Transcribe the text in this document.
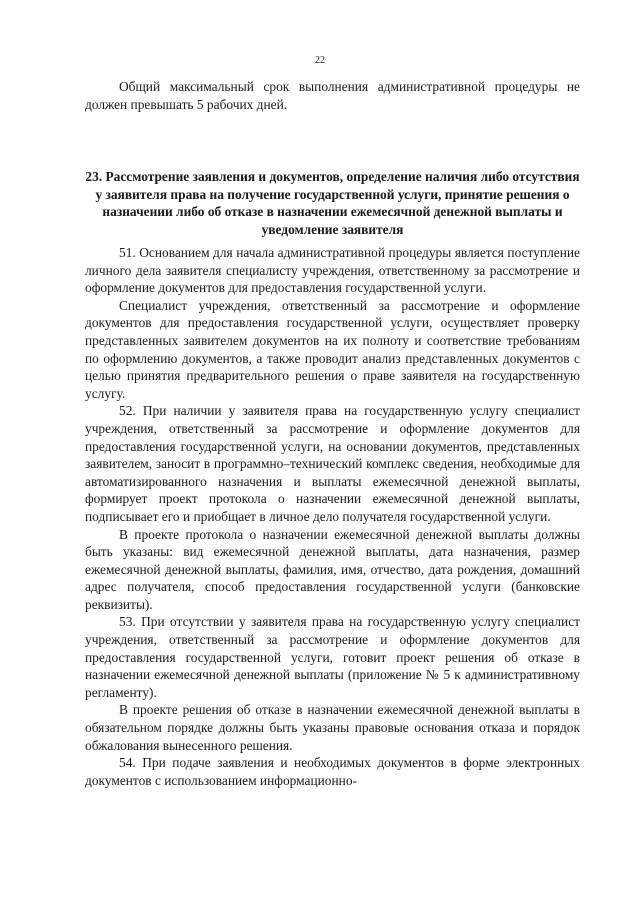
22

Общий максимальный срок выполнения административной процедуры не должен превышать 5 рабочих дней.

23. Рассмотрение заявления и документов, определение наличия либо отсутствия у заявителя права на получение государственной услуги, принятие решения о назначении либо об отказе в назначении ежемесячной денежной выплаты и уведомление заявителя

51. Основанием для начала административной процедуры является поступление личного дела заявителя специалисту учреждения, ответственному за рассмотрение и оформление документов для предоставления государственной услуги.

Специалист учреждения, ответственный за рассмотрение и оформление документов для предоставления государственной услуги, осуществляет проверку представленных заявителем документов на их полноту и соответствие требованиям по оформлению документов, а также проводит анализ представленных документов с целью принятия предварительного решения о праве заявителя на государственную услугу.

52. При наличии у заявителя права на государственную услугу специалист учреждения, ответственный за рассмотрение и оформление документов для предоставления государственной услуги, на основании документов, представленных заявителем, заносит в программно–технический комплекс сведения, необходимые для автоматизированного назначения и выплаты ежемесячной денежной выплаты, формирует проект протокола о назначении ежемесячной денежной выплаты, подписывает его и приобщает в личное дело получателя государственной услуги.

В проекте протокола о назначении ежемесячной денежной выплаты должны быть указаны: вид ежемесячной денежной выплаты, дата назначения, размер ежемесячной денежной выплаты, фамилия, имя, отчество, дата рождения, домашний адрес получателя, способ предоставления государственной услуги (банковские реквизиты).

53. При отсутствии у заявителя права на государственную услугу специалист учреждения, ответственный за рассмотрение и оформление документов для предоставления государственной услуги, готовит проект решения об отказе в назначении ежемесячной денежной выплаты (приложение № 5 к административному регламенту).

В проекте решения об отказе в назначении ежемесячной денежной выплаты в обязательном порядке должны быть указаны правовые основания отказа и порядок обжалования вынесенного решения.

54. При подаче заявления и необходимых документов в форме электронных документов с использованием информационно-
